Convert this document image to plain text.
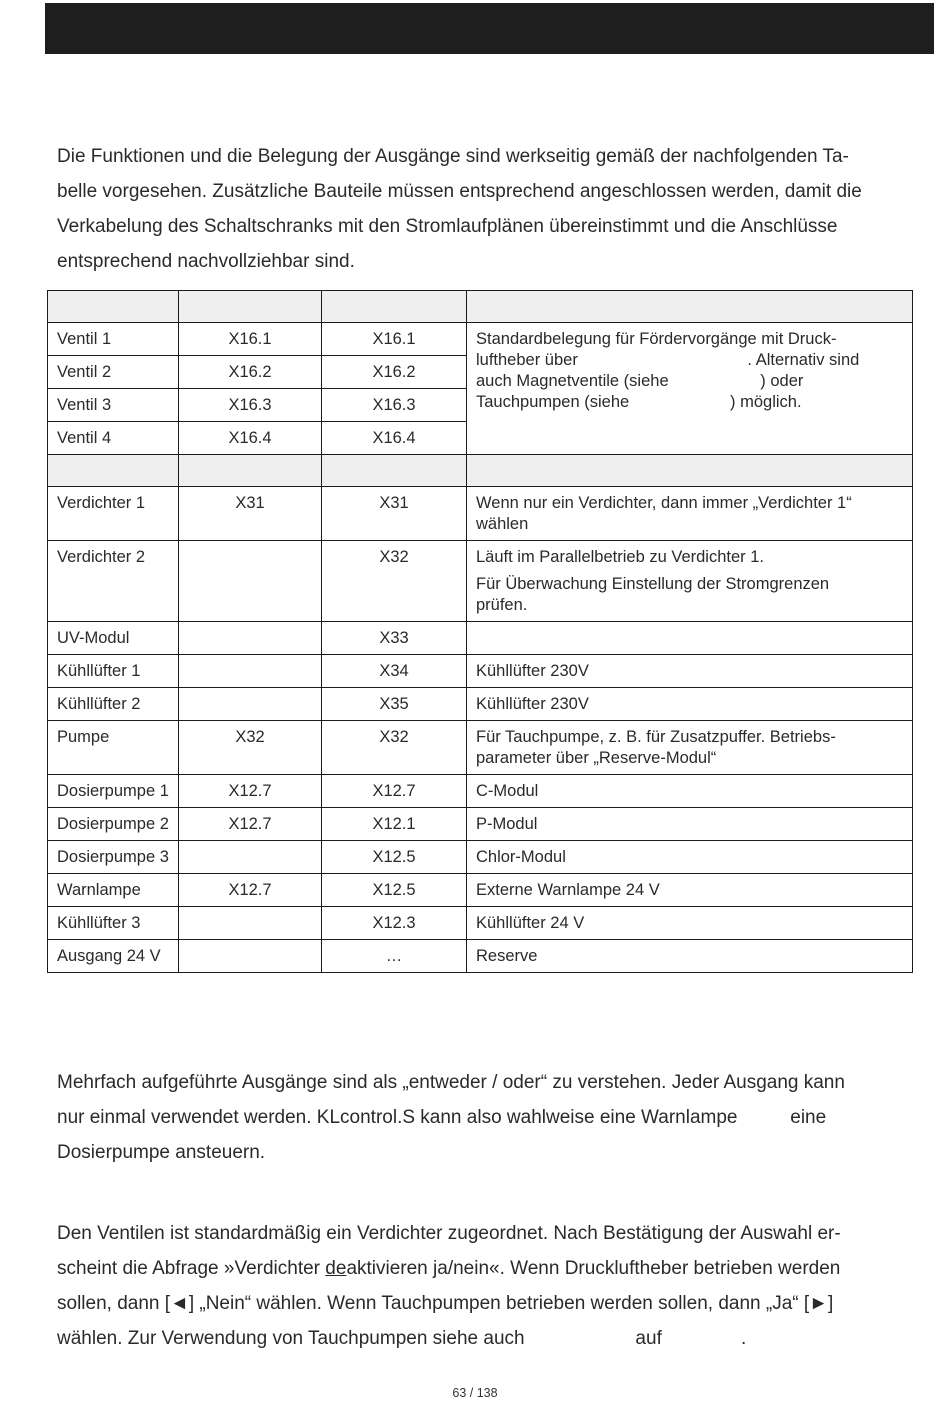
Die Funktionen und die Belegung der Ausgänge sind werkseitig gemäß der nachfolgenden Ta-
belle vorgesehen. Zusätzliche Bauteile müssen entsprechend angeschlossen werden, damit die
Verkabelung des Schaltschranks mit den Stromlaufplänen übereinstimmt und die Anschlüsse
entsprechend nachvollziehbar sind.

Ventil 1	X16.1	X16.1	Standardbelegung für Fördervorgänge mit Druck-
luftheber über                                     . Alternativ sind
auch Magnetventile (siehe                    ) oder
Tauchpumpen (siehe                      ) möglich.

Ventil 2	X16.2	X16.2	
Ventil 3	X16.3	X16.3	
Ventil 4	X16.4	X16.4	

Verdichter 1	X31	X31	Wenn nur ein Verdichter, dann immer „Verdichter 1“
wählen

Verdichter 2		X32	Läuft im Parallelbetrieb zu Verdichter 1.
Für Überwachung Einstellung der Stromgrenzen
prüfen.

UV-Modul		X33	
Kühllüfter 1		X34	Kühllüfter 230V

Kühllüfter 2		X35	Kühllüfter 230V

Pumpe	X32	X32	Für Tauchpumpe, z. B. für Zusatzpuffer. Betriebs-
parameter über „Reserve-Modul“

Dosierpumpe 1	X12.7	X12.7	C-Modul

Dosierpumpe 2	X12.7	X12.1	P-Modul

Dosierpumpe 3		X12.5	Chlor-Modul

Warnlampe	X12.7	X12.5	Externe Warnlampe 24 V

Kühllüfter 3		X12.3	Kühllüfter 24 V

Ausgang 24 V		…	Reserve
Mehrfach aufgeführte Ausgänge sind als „entweder / oder“ zu verstehen. Jeder Ausgang kann
nur einmal verwendet werden. KLcontrol.S kann also wahlweise eine Warnlampe          eine
Dosierpumpe ansteuern.
Den Ventilen ist standardmäßig ein Verdichter zugeordnet. Nach Bestätigung der Auswahl er-
scheint die Abfrage »Verdichter deaktivieren ja/nein«. Wenn Druckluftheber betrieben werden
sollen, dann [◄] „Nein“ wählen. Wenn Tauchpumpen betrieben werden sollen, dann „Ja“ [►]
wählen. Zur Verwendung von Tauchpumpen siehe auch                     auf               .
63 / 138
